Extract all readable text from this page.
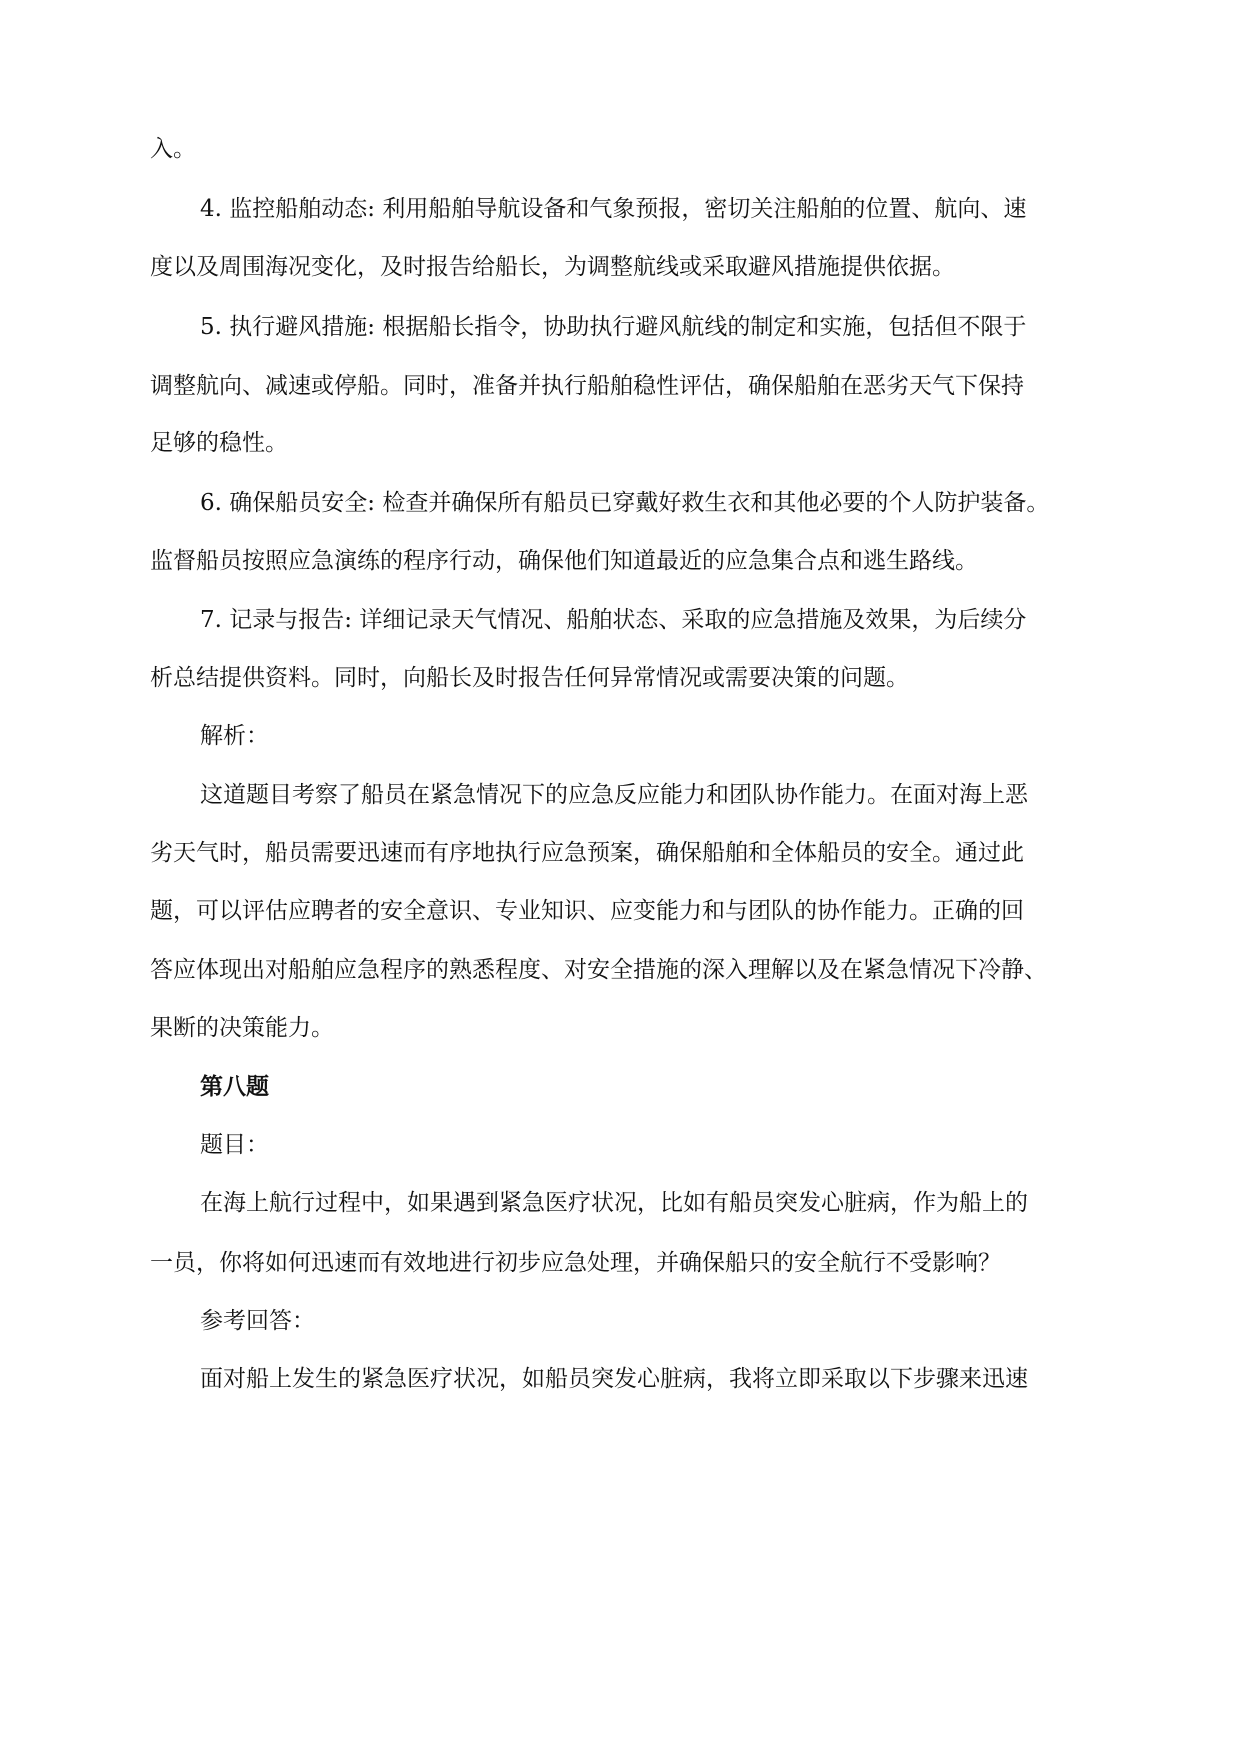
入。
4. 监控船舶动态: 利用船舶导航设备和气象预报，密切关注船舶的位置、航向、速
度以及周围海况变化，及时报告给船长，为调整航线或采取避风措施提供依据。
5. 执行避风措施: 根据船长指令，协助执行避风航线的制定和实施，包括但不限于
调整航向、减速或停船。同时，准备并执行船舶稳性评估，确保船舶在恶劣天气下保持
足够的稳性。
6. 确保船员安全: 检查并确保所有船员已穿戴好救生衣和其他必要的个人防护装备。
监督船员按照应急演练的程序行动，确保他们知道最近的应急集合点和逃生路线。
7. 记录与报告: 详细记录天气情况、船舶状态、采取的应急措施及效果，为后续分
析总结提供资料。同时，向船长及时报告任何异常情况或需要决策的问题。
解析：
这道题目考察了船员在紧急情况下的应急反应能力和团队协作能力。在面对海上恶
劣天气时，船员需要迅速而有序地执行应急预案，确保船舶和全体船员的安全。通过此
题，可以评估应聘者的安全意识、专业知识、应变能力和与团队的协作能力。正确的回
答应体现出对船舶应急程序的熟悉程度、对安全措施的深入理解以及在紧急情况下冷静、
果断的决策能力。
第八题
题目：
在海上航行过程中，如果遇到紧急医疗状况，比如有船员突发心脏病，作为船上的
一员，你将如何迅速而有效地进行初步应急处理，并确保船只的安全航行不受影响？
参考回答：
面对船上发生的紧急医疗状况，如船员突发心脏病，我将立即采取以下步骤来迅速
